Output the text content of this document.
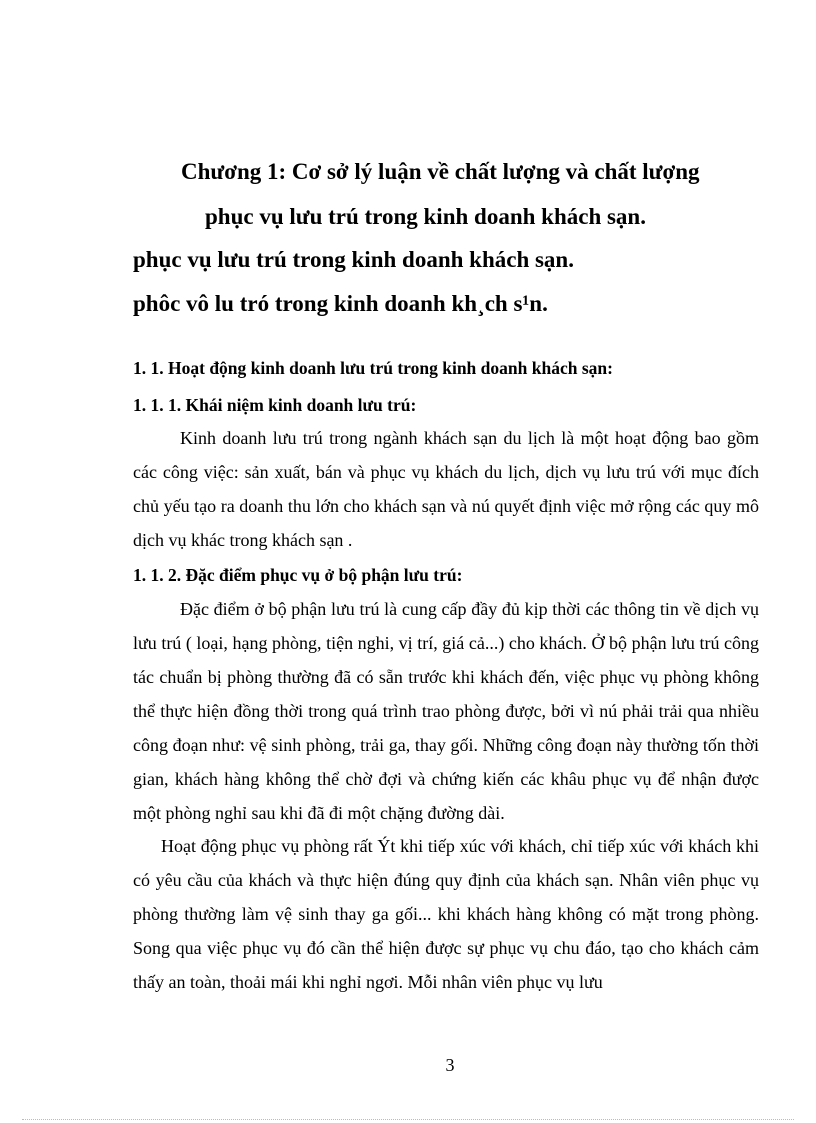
Chương 1: Cơ sở lý luận về chất lượng và chất lượng
phục vụ lưu trú trong kinh doanh khách sạn.
phục vụ lưu trú trong kinh doanh khách sạn.
phôc vô lu tró trong kinh doanh kh¸ch s¹n.
1. 1. Hoạt động kinh doanh lưu trú trong kinh doanh khách sạn:
1. 1. 1. Khái niệm kinh doanh lưu trú:
Kinh doanh lưu trú trong ngành khách sạn du lịch là một hoạt động bao gồm các công việc: sản xuất, bán và phục vụ khách du lịch, dịch vụ lưu trú với mục đích chủ yếu tạo ra doanh thu lớn cho khách sạn và nú quyết định việc mở rộng các quy mô dịch vụ khác trong khách sạn .
1. 1. 2. Đặc điểm phục vụ ở bộ phận lưu trú:
Đặc điểm ở bộ phận lưu trú là cung cấp đầy đủ kịp thời các thông tin về dịch vụ lưu trú ( loại, hạng phòng, tiện nghi, vị trí, giá cả...) cho khách. Ở bộ phận lưu trú công tác chuẩn bị phòng thường đã có sẵn trước khi khách đến, việc phục vụ phòng không thể thực hiện đồng thời trong quá trình trao phòng được, bởi vì nú phải trải qua nhiều công đoạn như: vệ sinh phòng, trải ga, thay gối. Những công đoạn này thường tốn thời gian, khách hàng không thể chờ đợi và chứng kiến các khâu phục vụ để nhận được một phòng nghỉ sau khi đã đi một chặng đường dài.
Hoạt động phục vụ phòng rất Ýt khi tiếp xúc với khách, chỉ tiếp xúc với khách khi có yêu cầu của khách và thực hiện đúng quy định của khách sạn. Nhân viên phục vụ phòng thường làm vệ sinh thay ga gối... khi khách hàng không có mặt trong phòng. Song qua việc phục vụ đó cần thể hiện được sự phục vụ chu đáo, tạo cho khách cảm thấy an toàn, thoải mái khi nghỉ ngơi. Mỗi nhân viên phục vụ lưu
3
